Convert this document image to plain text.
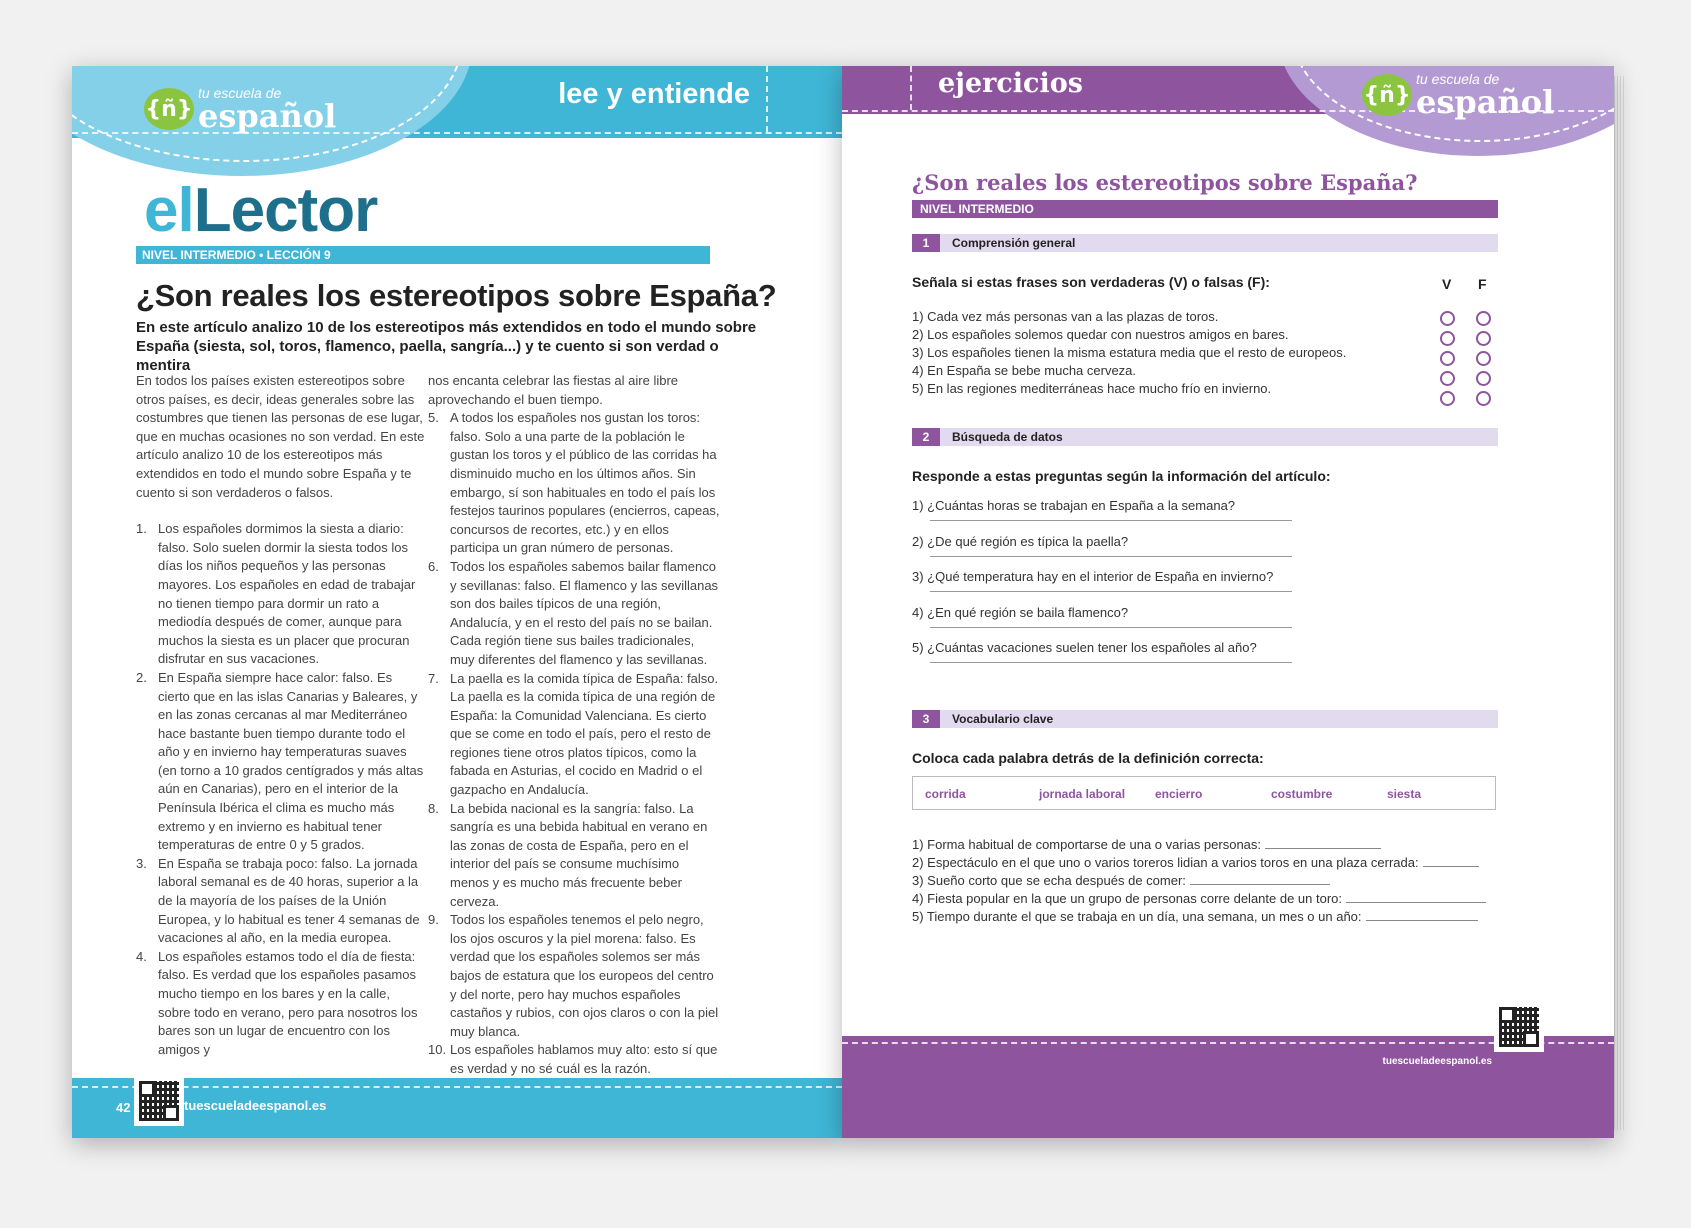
{ñ}
tu escuela de
español
lee y entiende
elLector
NIVEL INTERMEDIO • LECCIÓN 9
¿Son reales los estereotipos sobre España?
En este artículo analizo 10 de los estereotipos más extendidos en todo el mundo sobre España (siesta, sol, toros, flamenco, paella, sangría...) y te cuento si son verdad o mentira

En todos los países existen estereotipos sobre otros países, es decir, ideas generales sobre las costumbres que tienen las personas de ese lugar, que en muchas ocasiones no son verdad. En este artículo analizo 10 de los estereotipos más extendidos en todo el mundo sobre España y te cuento si son verdaderos o falsos.

1. Los españoles dormimos la siesta a diario: falso. Solo suelen dormir la siesta todos los días los niños pequeños y las personas mayores. Los españoles en edad de trabajar no tienen tiempo para dormir un rato a mediodía después de comer, aunque para muchos la siesta es un placer que procuran disfrutar en sus vacaciones.
2. En España siempre hace calor: falso. Es cierto que en las islas Canarias y Baleares, y en las zonas cercanas al mar Mediterráneo hace bastante buen tiempo durante todo el año y en invierno hay temperaturas suaves (en torno a 10 grados centígrados y más altas aún en Canarias), pero en el interior de la Península Ibérica el clima es mucho más extremo y en invierno es habitual tener temperaturas de entre 0 y 5 grados.
3. En España se trabaja poco: falso. La jornada laboral semanal es de 40 horas, superior a la de la mayoría de los países de la Unión Europea, y lo habitual es tener 4 semanas de vacaciones al año, en la media europea.
4. Los españoles estamos todo el día de fiesta: falso. Es verdad que los españoles pasamos mucho tiempo en los bares y en la calle, sobre todo en verano, pero para nosotros los bares son un lugar de encuentro con los amigos y
nos encanta celebrar las fiestas al aire libre aprovechando el buen tiempo.
5. A todos los españoles nos gustan los toros: falso. Solo a una parte de la población le gustan los toros y el público de las corridas ha disminuido mucho en los últimos años. Sin embargo, sí son habituales en todo el país los festejos taurinos populares (encierros, capeas, concursos de recortes, etc.) y en ellos participa un gran número de personas.
6. Todos los españoles sabemos bailar flamenco y sevillanas: falso. El flamenco y las sevillanas son dos bailes típicos de una región, Andalucía, y en el resto del país no se bailan. Cada región tiene sus bailes tradicionales, muy diferentes del flamenco y las sevillanas.
7. La paella es la comida típica de España: falso. La paella es la comida típica de una región de España: la Comunidad Valenciana. Es cierto que se come en todo el país, pero el resto de regiones tiene otros platos típicos, como la fabada en Asturias, el cocido en Madrid o el gazpacho en Andalucía.
8. La bebida nacional es la sangría: falso. La sangría es una bebida habitual en verano en las zonas de costa de España, pero en el interior del país se consume muchísimo menos y es mucho más frecuente beber cerveza.
9. Todos los españoles tenemos el pelo negro, los ojos oscuros y la piel morena: falso. Es verdad que los españoles solemos ser más bajos de estatura que los europeos del centro y del norte, pero hay muchos españoles castaños y rubios, con ojos claros o con la piel muy blanca.
10. Los españoles hablamos muy alto: esto sí que es verdad y no sé cuál es la razón.
42	tuescueladeespanol.es
ejercicios	{ñ}
tu escuela de
español
¿Son reales los estereotipos sobre España?
NIVEL INTERMEDIO
1 Comprensión general
Señala si estas frases son verdaderas (V) o falsas (F):	V F
1) Cada vez más personas van a las plazas de toros.
2) Los españoles solemos quedar con nuestros amigos en bares.
3) Los españoles tienen la misma estatura media que el resto de europeos.
4) En España se bebe mucha cerveza.
5) En las regiones mediterráneas hace mucho frío en invierno.
2 Búsqueda de datos
Responde a estas preguntas según la información del artículo:
1) ¿Cuántas horas se trabajan en España a la semana?
2) ¿De qué región es típica la paella?
3) ¿Qué temperatura hay en el interior de España en invierno?
4) ¿En qué región se baila flamenco?
5) ¿Cuántas vacaciones suelen tener los españoles al año?
3 Vocabulario clave
Coloca cada palabra detrás de la definición correcta:
corrida	jornada laboral encierro	costumbre	siesta
1) Forma habitual de comportarse de una o varias personas:
2) Espectáculo en el que uno o varios toreros lidian a varios toros en una plaza cerrada:
3) Sueño corto que se echa después de comer:
4) Fiesta popular en la que un grupo de personas corre delante de un toro:
5) Tiempo durante el que se trabaja en un día, una semana, un mes o un año:
tuescueladeespanol.es
